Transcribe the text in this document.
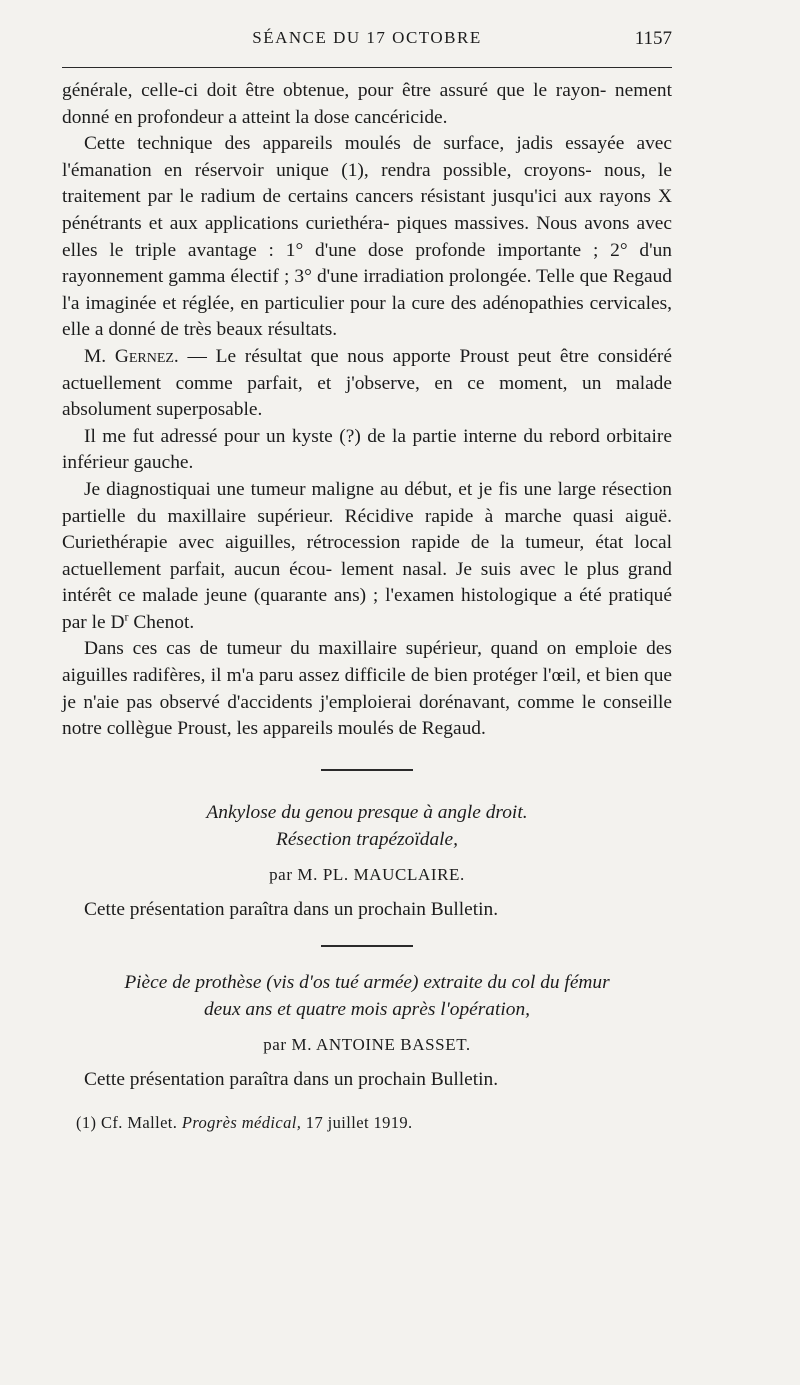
SÉANCE DU 17 OCTOBRE	1157

générale, celle-ci doit être obtenue, pour être assuré que le rayon- nement donné en profondeur a atteint la dose cancéricide.

Cette technique des appareils moulés de surface, jadis essayée avec l'émanation en réservoir unique (1), rendra possible, croyons- nous, le traitement par le radium de certains cancers résistant jusqu'ici aux rayons X pénétrants et aux applications curiethéra- piques massives. Nous avons avec elles le triple avantage : 1° d'une dose profonde importante ; 2° d'un rayonnement gamma électif ; 3° d'une irradiation prolongée. Telle que Regaud l'a imaginée et réglée, en particulier pour la cure des adénopathies cervicales, elle a donné de très beaux résultats.

M. Gernez. — Le résultat que nous apporte Proust peut être considéré actuellement comme parfait, et j'observe, en ce moment, un malade absolument superposable.

Il me fut adressé pour un kyste (?) de la partie interne du rebord orbitaire inférieur gauche.

Je diagnostiquai une tumeur maligne au début, et je fis une large résection partielle du maxillaire supérieur. Récidive rapide à marche quasi aiguë. Curiethérapie avec aiguilles, rétrocession rapide de la tumeur, état local actuellement parfait, aucun écou- lement nasal. Je suis avec le plus grand intérêt ce malade jeune (quarante ans) ; l'examen histologique a été pratiqué par le $D^r$ Chenot.

Dans ces cas de tumeur du maxillaire supérieur, quand on emploie des aiguilles radifères, il m'a paru assez difficile de bien protéger l'œil, et bien que je n'aie pas observé d'accidents j'emploierai dorénavant, comme le conseille notre collègue Proust, les appareils moulés de Regaud.

Ankylose du genou presque à angle droit.
Résection trapézoïdale,
par M. PL. MAUCLAIRE.
Cette présentation paraîtra dans un prochain Bulletin.
Pièce de prothèse (vis d'os tué armée) extraite du col du fémur
deux ans et quatre mois après l'opération,
par M. ANTOINE BASSET.
Cette présentation paraîtra dans un prochain Bulletin.
(1) Cf. Mallet. Progrès médical, 17 juillet 1919.
